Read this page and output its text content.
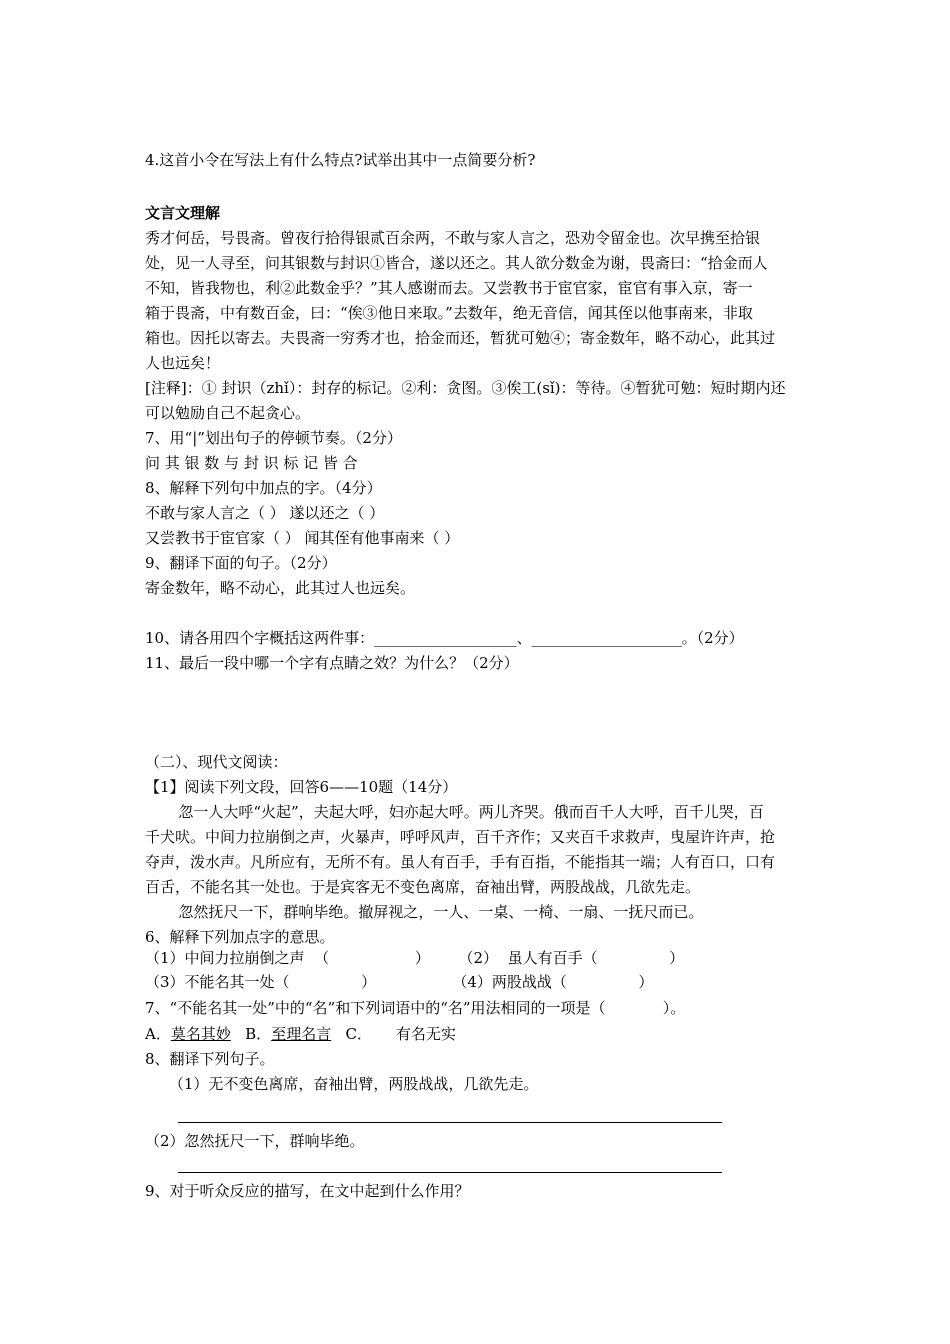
4.这首小令在写法上有什么特点?试举出其中一点简要分析?
文言文理解
秀才何岳，号畏斋。曾夜行拾得银贰百余两，不敢与家人言之，恐劝令留金也。次早携至拾银
处，见一人寻至，问其银数与封识①皆合，遂以还之。其人欲分数金为谢，畏斋曰：“拾金而人
不知，皆我物也，利②此数金乎？”其人感谢而去。又尝教书于宦官家，宦官有事入京，寄一
箱于畏斋，中有数百金，曰：“俟③他日来取。”去数年，绝无音信，闻其侄以他事南来，非取
箱也。因托以寄去。夫畏斋一穷秀才也，拾金而还，暂犹可勉④；寄金数年，略不动心，此其过
人也远矣！
[注释]：① 封识（zhǐ）：封存的标记。②利：贪图。③俟工(sǐ)：等待。④暂犹可勉：短时期内还
可以勉励自己不起贪心。
7、用“|”划出句子的停顿节奏。（2分）
问 其 银 数 与 封 识 标 记 皆 合
8、解释下列句中加点的字。（4分）
不敢与家人言之（ ） 遂以还之（ ）
又尝教书于宦官家（ ） 闻其侄有他事南来（ ）
9、翻译下面的句子。（2分）
寄金数年，略不动心，此其过人也远矣。
10、请各用四个字概括这两件事：___________________、____________________。（2分）
11、最后一段中哪一个字有点睛之效？为什么？（2分）
（二）、现代文阅读：
【1】阅读下列文段，回答6——10题（14分）
忽一人大呼“火起”，夫起大呼，妇亦起大呼。两儿齐哭。俄而百千人大呼，百千儿哭，百
千犬吠。中间力拉崩倒之声，火暴声，呼呼风声，百千齐作；又夹百千求救声，曳屋许许声，抢
夺声，泼水声。凡所应有，无所不有。虽人有百手，手有百指，不能指其一端；人有百口，口有
百舌，不能名其一处也。于是宾客无不变色离席，奋袖出臂，两股战战，几欲先走。
忽然抚尺一下，群响毕绝。撤屏视之，一人、一桌、一椅、一扇、一抚尺而已。
6、解释下列加点字的意思。
（1）中间力拉崩倒之声  （                  ）      （2）  虽人有百手（               ）
（3）不能名其一处（               ）                （4）两股战战（               ）
7、“不能名其一处”中的“名”和下列词语中的“名”用法相同的一项是（            ）。
A．莫名其妙   B．至理名言   C．     有名无实
8、翻译下列句子。
（1）无不变色离席，奋袖出臂，两股战战，几欲先走。
（2）忽然抚尺一下，群响毕绝。
9、对于听众反应的描写，在文中起到什么作用？
